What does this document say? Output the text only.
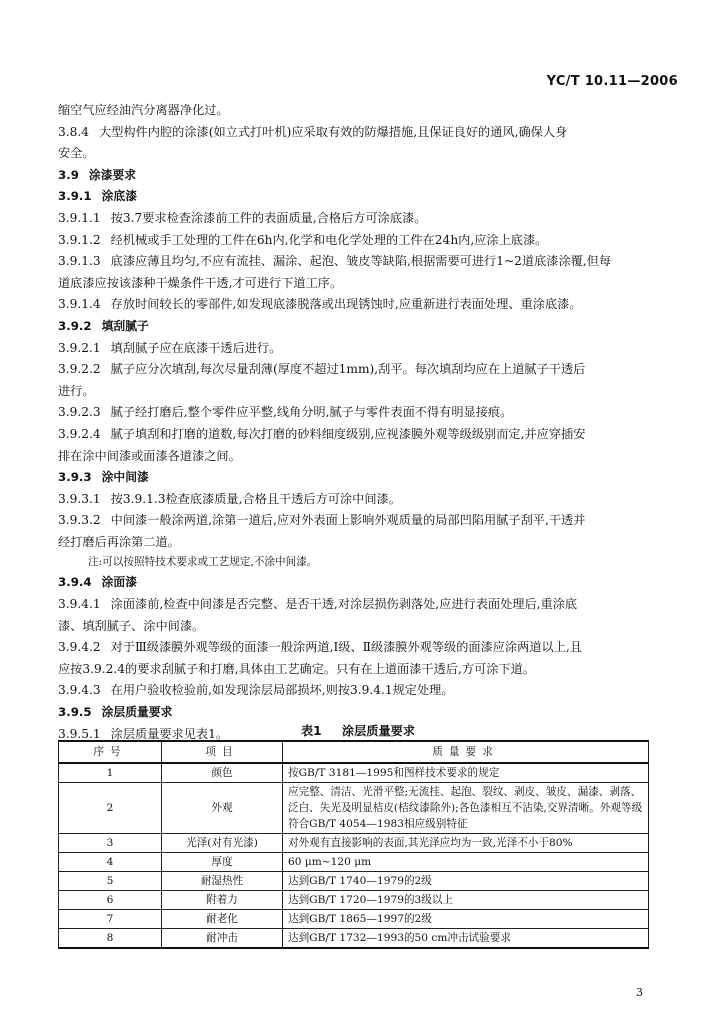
YC/T 10.11—2006
缩空气应经油汽分离器净化过。
3.8.4 大型构件内腔的涂漆(如立式打叶机)应采取有效的防爆措施,且保证良好的通风,确保人身
安全。
3.9 涂漆要求
3.9.1 涂底漆
3.9.1.1 按3.7要求检查涂漆前工件的表面质量,合格后方可涂底漆。
3.9.1.2 经机械或手工处理的工件在6h内,化学和电化学处理的工件在24h内,应涂上底漆。
3.9.1.3 底漆应薄且均匀,不应有流挂、漏涂、起泡、皱皮等缺陷,根据需要可进行1~2道底漆涂覆,但每
道底漆应按该漆种干燥条件干透,才可进行下道工序。
3.9.1.4 存放时间较长的零部件,如发现底漆脱落或出现锈蚀时,应重新进行表面处理、重涂底漆。
3.9.2 填刮腻子
3.9.2.1 填刮腻子应在底漆干透后进行。
3.9.2.2 腻子应分次填刮,每次尽量刮薄(厚度不超过1mm),刮平。每次填刮均应在上道腻子干透后
进行。
3.9.2.3 腻子经打磨后,整个零件应平整,线角分明,腻子与零件表面不得有明显接痕。
3.9.2.4 腻子填刮和打磨的道数,每次打磨的砂料细度级别,应视漆膜外观等级级别而定,并应穿插安
排在涂中间漆或面漆各道漆之间。
3.9.3 涂中间漆
3.9.3.1 按3.9.1.3检查底漆质量,合格且干透后方可涂中间漆。
3.9.3.2 中间漆一般涂两道,涂第一道后,应对外表面上影响外观质量的局部凹陷用腻子刮平,干透并
经打磨后再涂第二道。
注:可以按照特技术要求或工艺规定,不涂中间漆。
3.9.4 涂面漆
3.9.4.1 涂面漆前,检查中间漆是否完整、是否干透,对涂层损伤剥落处,应进行表面处理后,重涂底
漆、填刮腻子、涂中间漆。
3.9.4.2 对于Ⅲ级漆膜外观等级的面漆一般涂两道,Ⅰ级、Ⅱ级漆膜外观等级的面漆应涂两道以上,且
应按3.9.2.4的要求刮腻子和打磨,具体由工艺确定。只有在上道面漆干透后,方可涂下道。
3.9.4.3 在用户验收检验前,如发现涂层局部损坏,则按3.9.4.1规定处理。
3.9.5 涂层质量要求
3.9.5.1 涂层质量要求见表1。	表1 涂层质量要求
序号	项目	质量要求
1	颜色	按GB/T 3181—1995和图样技术要求的规定
2	外观	应完整、清洁、光滑平整;无流挂、起泡、裂纹、剥皮、皱皮、漏漆、剥落、泛白、失光及明显桔皮(桔纹漆除外);各色漆相互不沾染,交界清晰。外观等级符合GB/T 4054—1983相应级别特征
3	光泽(对有光漆)	对外观有直接影响的表面,其光泽应均为一致,光泽不小于80%
4	厚度	60 μm~120 μm
5	耐湿热性	达到GB/T 1740—1979的2级
6	附着力	达到GB/T 1720—1979的3级以上
7	耐老化	达到GB/T 1865—1997的2级
8	耐冲击	达到GB/T 1732—1993的50 cm冲击试验要求
3
